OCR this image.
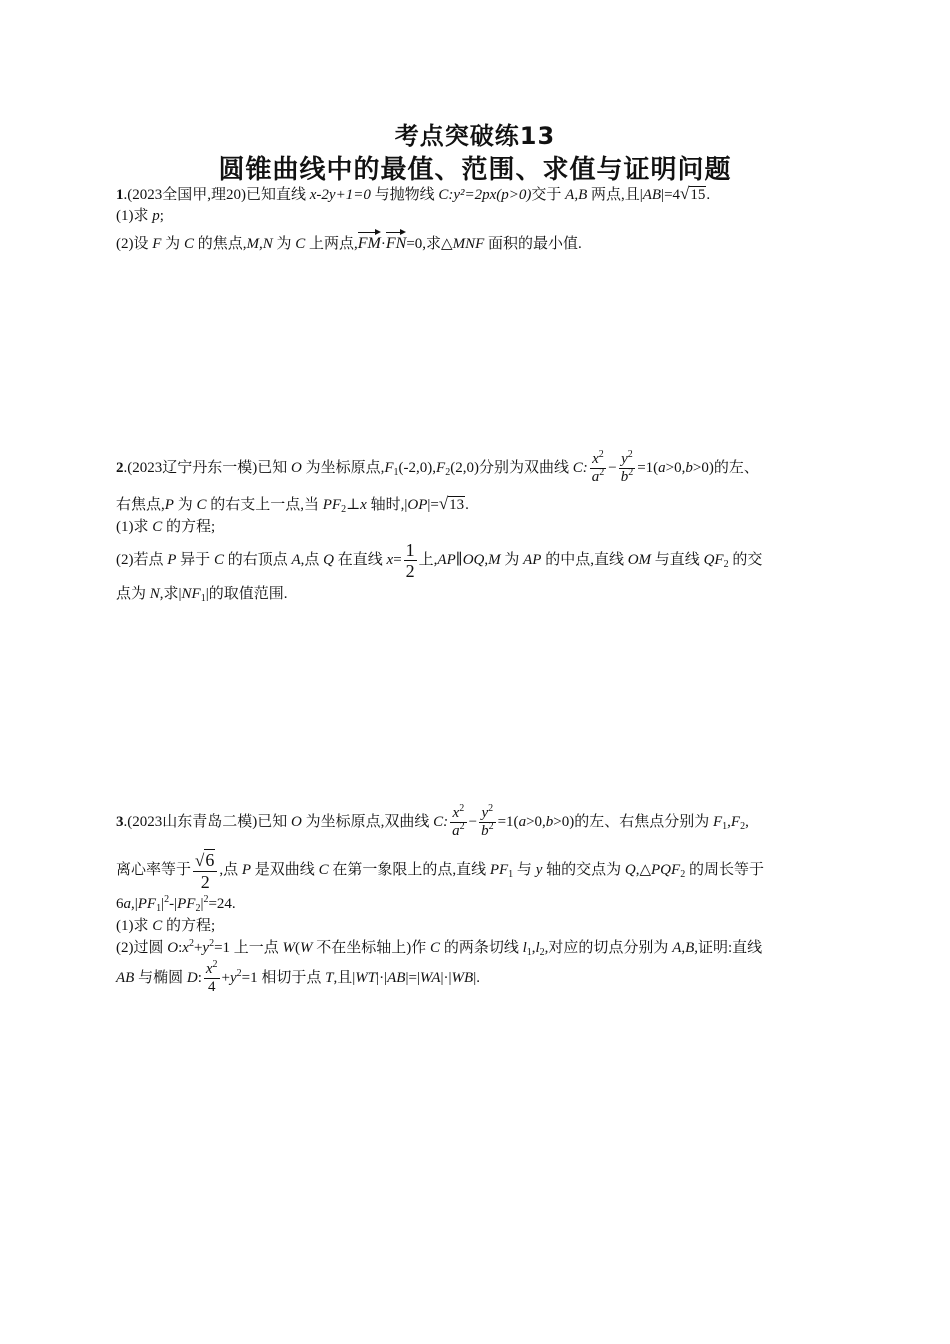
考点突破练13
圆锥曲线中的最值、范围、求值与证明问题
1.(2023全国甲,理20)已知直线 x-2y+1=0 与抛物线 C:y²=2px(p>0)交于 A,B 两点,且|AB|=4√15.
(1)求 p;
(2)设 F 为 C 的焦点,M,N 为 C 上两点,FM·FN=0,求△MNF 面积的最小值.
2.(2023辽宁丹东一模)已知 O 为坐标原点$,F_1(-2,0),F_2(2,0)$分别为双曲线 C: $\frac{x^2}{a^2} - \frac{y^2}{b^2} =1(a>0,b>0)$的左、
右焦点,P 为 C 的右支上一点,当 $PF_2\perp x$ 轴时,|OP|=√13.
(1)求 C 的方程;
(2)若点 P 异于 C 的右顶点 A,点 Q 在直线 $x= \frac{1}{2}$ 上,AP∥OQ,M 为 AP 的中点,直线 OM 与直线 $QF_2$ 的交
点为 N,求$|NF_1|$的取值范围.
3.(2023山东青岛二模)已知 O 为坐标原点,双曲线 C: $\frac{x^2}{a^2} - \frac{y^2}{b^2} =1(a>0,b>0)$的左、右焦点分别为 $F_1,F_2$,
离心率等于 $\frac{√6}{2}$ ,点 P 是双曲线 C 在第一象限上的点,直线 $PF_1$ 与 y 轴的交点为 $Q,\triangle PQF_2$ 的周长等于
$6a,|PF_1|^2-|PF_2|^2=24$.
(1)求 C 的方程;
(2)过圆 $O:x^2+y^2=1$ 上一点 W(W 不在坐标轴上)作 C 的两条切线 $l_1,l_2$,对应的切点分别为 A,B,证明:直线
AB 与椭圆 D: $\frac{x^2}{4} +y^2=1$ 相切于点 T,且|WT|·|AB|=|WA|·|WB|.
